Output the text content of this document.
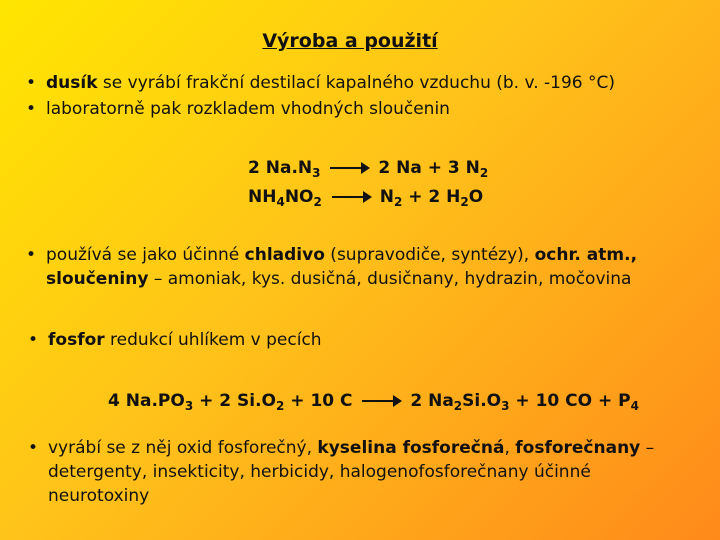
Výroba a použití
• dusík se vyrábí frakční destilací kapalného vzduchu (b. v. -196 °C)
• laboratorně pak rozkladem vhodných sloučenin
2 $Na.N_3 \to 2$ Na + 3 $N_2$
$NH_4NO_2 \to N_2 + 2$ $H_2O$
• používá se jako účinné chladivo (supravodiče, syntézy), ochr. atm.,
sloučeniny – amoniak, kys. dusičná, dusičnany, hydrazin, močovina
• fosfor redukcí uhlíkem v pecích
4 $Na.PO_3 + 2$ $Si.O_2 + 10$ C → 2 $Na_2Si.O_3 + 10$ CO + $P_4$
• vyrábí se z něj oxid fosforečný, kyselina fosforečná, fosforečnany – detergenty, insekticity, herbicidy, halogenofosforečnany účinné neurotoxiny
